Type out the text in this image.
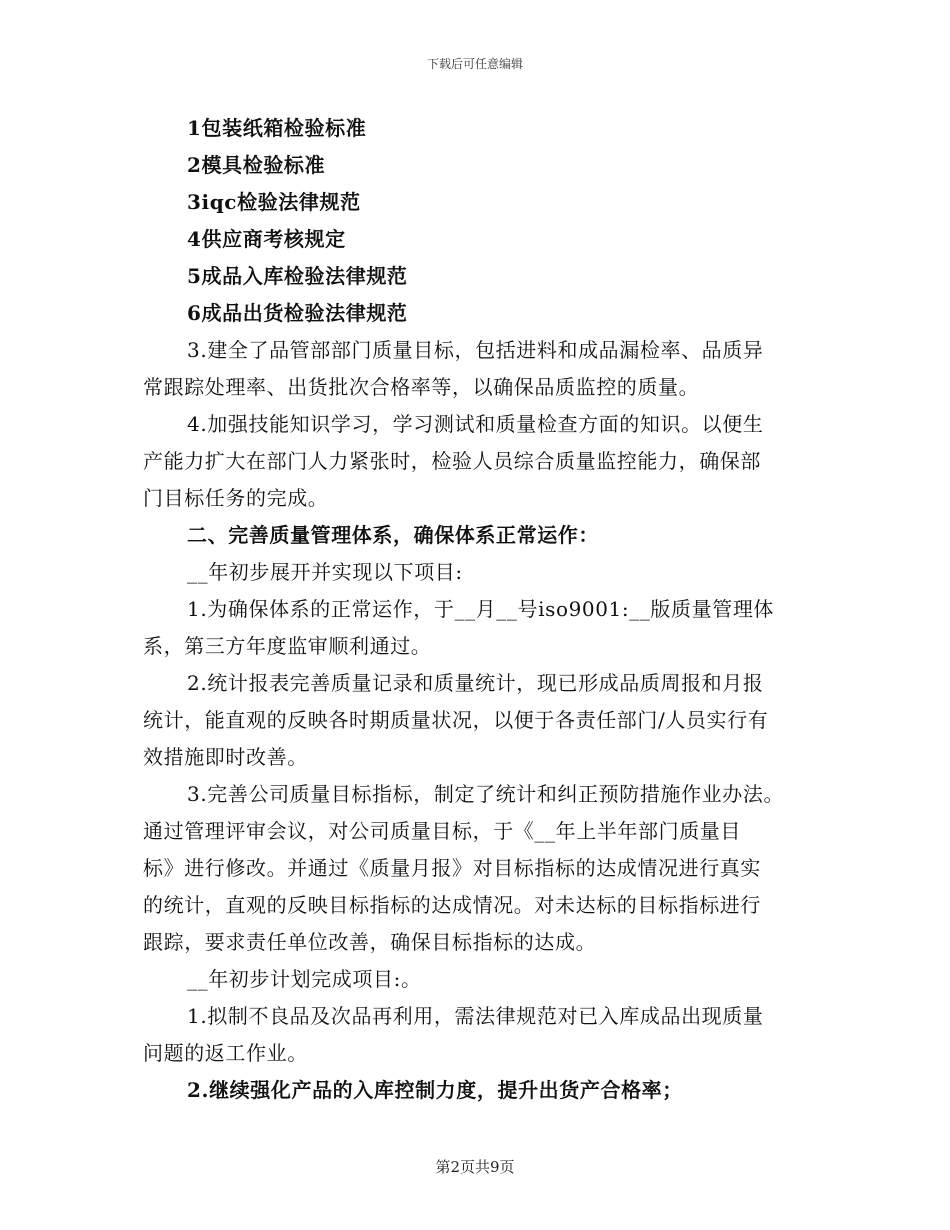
下载后可任意编辑
1包装纸箱检验标准
2模具检验标准
3iqc检验法律规范
4供应商考核规定
5成品入库检验法律规范
6成品出货检验法律规范
3.建全了品管部部门质量目标，包括进料和成品漏检率、品质异
常跟踪处理率、出货批次合格率等，以确保品质监控的质量。
4.加强技能知识学习，学习测试和质量检查方面的知识。以便生
产能力扩大在部门人力紧张时，检验人员综合质量监控能力，确保部
门目标任务的完成。
二、完善质量管理体系，确保体系正常运作：
__年初步展开并实现以下项目:
1.为确保体系的正常运作，于__月__号iso9001:__版质量管理体
系，第三方年度监审顺利通过。
2.统计报表完善质量记录和质量统计，现已形成品质周报和月报
统计，能直观的反映各时期质量状况，以便于各责任部门/人员实行有
效措施即时改善。
3.完善公司质量目标指标，制定了统计和纠正预防措施作业办法。
通过管理评审会议，对公司质量目标，于《__年上半年部门质量目
标》进行修改。并通过《质量月报》对目标指标的达成情况进行真实
的统计，直观的反映目标指标的达成情况。对未达标的目标指标进行
跟踪，要求责任单位改善，确保目标指标的达成。
__年初步计划完成项目:。
1.拟制不良品及次品再利用，需法律规范对已入库成品出现质量
问题的返工作业。
2.继续强化产品的入库控制力度，提升出货产合格率；
第2页共9页
